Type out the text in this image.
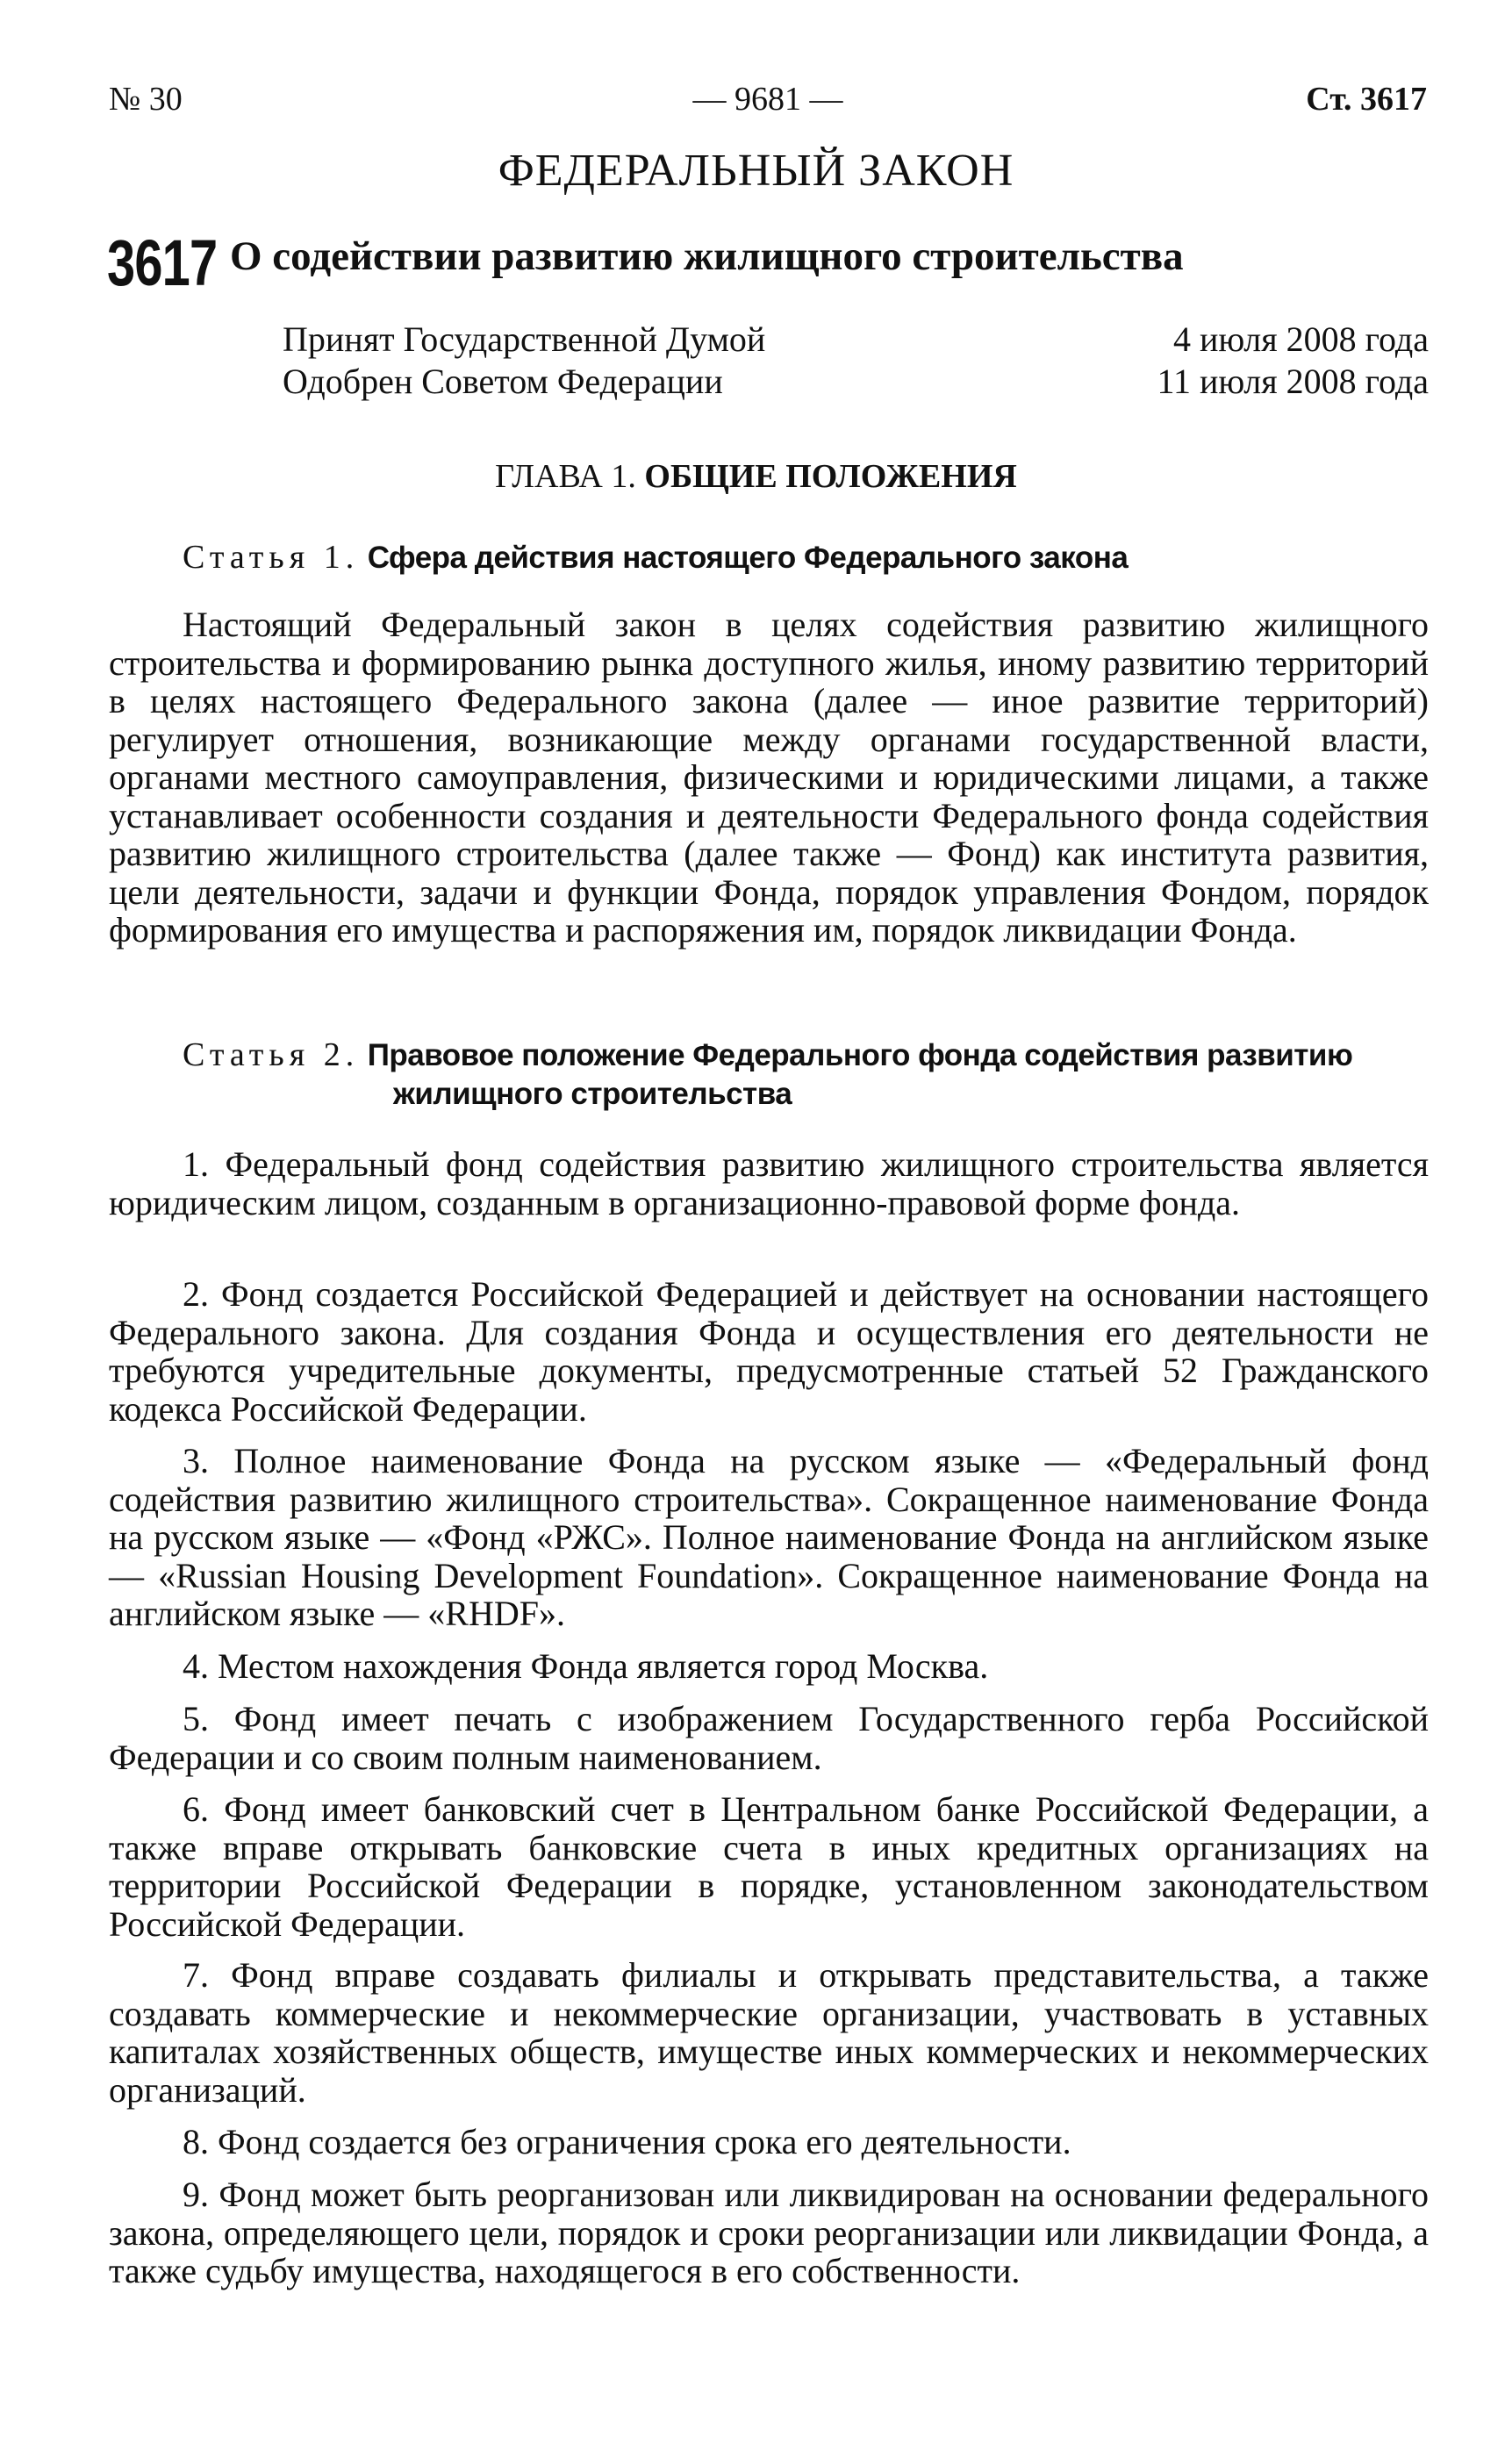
№ 30	— 9681 —	Ст. 3617
ФЕДЕРАЛЬНЫЙ ЗАКОН
3617 О содействии развитию жилищного строительства
Принят Государственной Думой	4 июля 2008 года
Одобрен Советом Федерации	11 июля 2008 года
ГЛАВА 1. ОБЩИЕ ПОЛОЖЕНИЯ
Статья 1. Сфера действия настоящего Федерального закона

Настоящий Федеральный закон в целях содействия развитию жилищного строительства и формированию рынка доступного жилья, иному развитию территорий в целях настоящего Федерального закона (далее — иное развитие территорий) регулирует отношения, возникающие между органами государственной власти, органами местного самоуправления, физическими и юридическими лицами, а также устанавливает особенности создания и деятельности Федерального фонда содействия развитию жилищного строительства (далее также — Фонд) как института развития, цели деятельности, задачи и функции Фонда, порядок управления Фондом, порядок формирования его имущества и распоряжения им, порядок ликвидации Фонда.

Статья 2. Правовое положение Федерального фонда содействия развитию
жилищного строительства

1. Федеральный фонд содействия развитию жилищного строительства является юридическим лицом, созданным в организационно-правовой форме фонда.

2. Фонд создается Российской Федерацией и действует на основании настоящего Федерального закона. Для создания Фонда и осуществления его деятельности не требуются учредительные документы, предусмотренные статьей 52 Гражданского кодекса Российской Федерации.

3. Полное наименование Фонда на русском языке — «Федеральный фонд содействия развитию жилищного строительства». Сокращенное наименование Фонда на русском языке — «Фонд «РЖС». Полное наименование Фонда на английском языке — «Russian Housing Development Foundation». Сокращенное наименование Фонда на английском языке — «RHDF».

4. Местом нахождения Фонда является город Москва.

5. Фонд имеет печать с изображением Государственного герба Российской Федерации и со своим полным наименованием.

6. Фонд имеет банковский счет в Центральном банке Российской Федерации, а также вправе открывать банковские счета в иных кредитных организациях на территории Российской Федерации в порядке, установленном законодательством Российской Федерации.

7. Фонд вправе создавать филиалы и открывать представительства, а также создавать коммерческие и некоммерческие организации, участвовать в уставных капиталах хозяйственных обществ, имуществе иных коммерческих и некоммерческих организаций.

8. Фонд создается без ограничения срока его деятельности.

9. Фонд может быть реорганизован или ликвидирован на основании федерального закона, определяющего цели, порядок и сроки реорганизации или ликвидации Фонда, а также судьбу имущества, находящегося в его собственности.
